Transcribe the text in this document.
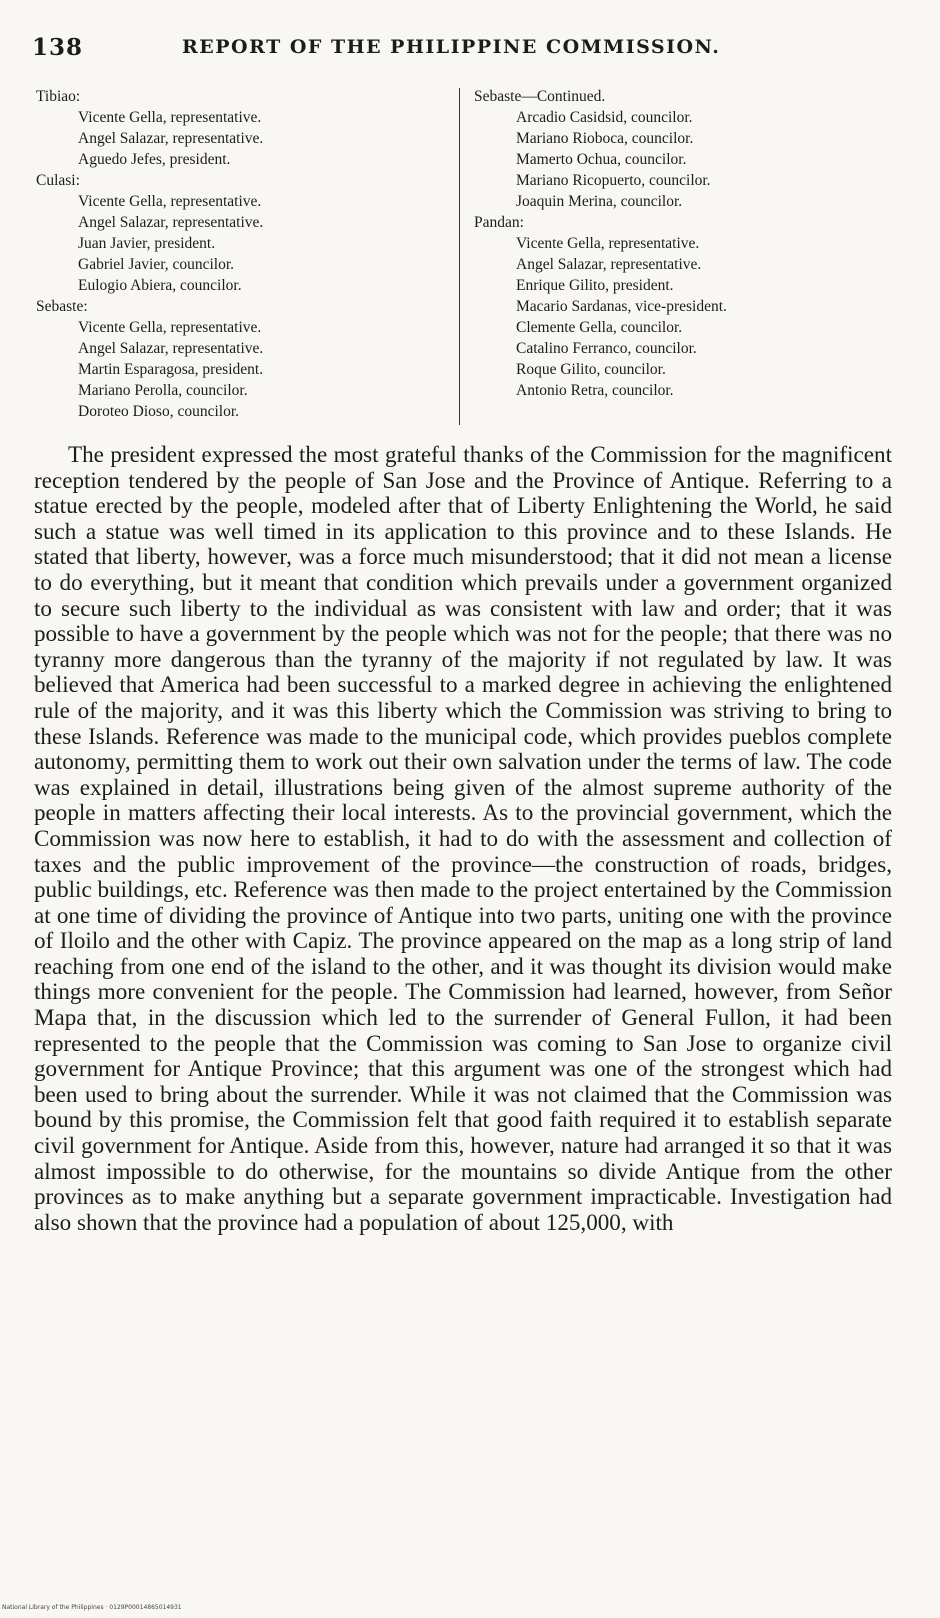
138	REPORT OF THE PHILIPPINE COMMISSION.
Tibiao:
Vicente Gella, representative.
Angel Salazar, representative.
Aguedo Jefes, president.
Culasi:
Vicente Gella, representative.
Angel Salazar, representative.
Juan Javier, president.
Gabriel Javier, councilor.
Eulogio Abiera, councilor.
Sebaste:
Vicente Gella, representative.
Angel Salazar, representative.
Martin Esparagosa, president.
Mariano Perolla, councilor.
Doroteo Dioso, councilor.
Sebaste—Continued.
Arcadio Casidsid, councilor.
Mariano Rioboca, councilor.
Mamerto Ochua, councilor.
Mariano Ricopuerto, councilor.
Joaquin Merina, councilor.
Pandan:
Vicente Gella, representative.
Angel Salazar, representative.
Enrique Gilito, president.
Macario Sardanas, vice-president.
Clemente Gella, councilor.
Catalino Ferranco, councilor.
Roque Gilito, councilor.
Antonio Retra, councilor.

The president expressed the most grateful thanks of the Commission for the magnificent reception tendered by the people of San Jose and the Province of Antique. Referring to a statue erected by the people, modeled after that of Liberty Enlightening the World, he said such a statue was well timed in its application to this province and to these Islands. He stated that liberty, however, was a force much misunderstood; that it did not mean a license to do everything, but it meant that condition which prevails under a government organized to secure such liberty to the individual as was consistent with law and order; that it was possible to have a government by the people which was not for the people; that there was no tyranny more dangerous than the tyranny of the majority if not regulated by law. It was believed that America had been successful to a marked degree in achieving the enlightened rule of the majority, and it was this liberty which the Commission was striving to bring to these Islands. Reference was made to the municipal code, which provides pueblos complete autonomy, permitting them to work out their own salvation under the terms of law. The code was explained in detail, illustrations being given of the almost supreme authority of the people in matters affecting their local interests. As to the provincial government, which the Commission was now here to establish, it had to do with the assessment and collection of taxes and the public improvement of the province—the construction of roads, bridges, public buildings, etc. Reference was then made to the project entertained by the Commission at one time of dividing the province of Antique into two parts, uniting one with the province of Iloilo and the other with Capiz. The province appeared on the map as a long strip of land reaching from one end of the island to the other, and it was thought its division would make things more convenient for the people. The Commission had learned, however, from Señor Mapa that, in the discussion which led to the surrender of General Fullon, it had been represented to the people that the Commission was coming to San Jose to organize civil government for Antique Province; that this argument was one of the strongest which had been used to bring about the surrender. While it was not claimed that the Commission was bound by this promise, the Commission felt that good faith required it to establish separate civil government for Antique. Aside from this, however, nature had arranged it so that it was almost impossible to do otherwise, for the mountains so divide Antique from the other provinces as to make anything but a separate government impracticable. Investigation had also shown that the province had a population of about 125,000, with

National Library of the Philippines · 0129P00014865014931
